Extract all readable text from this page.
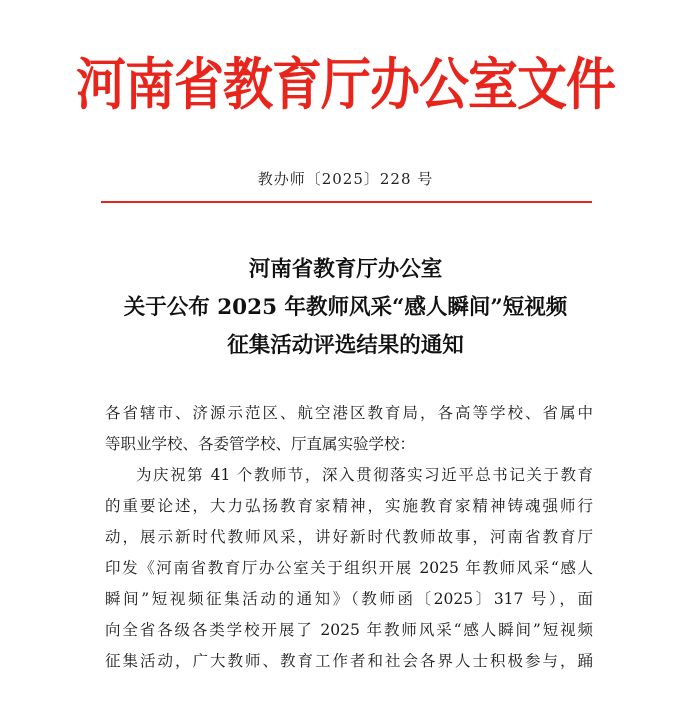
河南省教育厅办公室文件
教办师〔2025〕228 号
河南省教育厅办公室
关于公布 2025 年教师风采“感人瞬间”短视频
征集活动评选结果的通知

各省辖市、济源示范区、航空港区教育局，各高等学校、省属中
等职业学校、各委管学校、厅直属实验学校：

为庆祝第 41 个教师节，深入贯彻落实习近平总书记关于教育
的重要论述，大力弘扬教育家精神，实施教育家精神铸魂强师行
动，展示新时代教师风采，讲好新时代教师故事，河南省教育厅
印发《河南省教育厅办公室关于组织开展 2025 年教师风采“感人
瞬间”短视频征集活动的通知》（教师函〔2025〕317 号），面
向全省各级各类学校开展了 2025 年教师风采“感人瞬间”短视频
征集活动，广大教师、教育工作者和社会各界人士积极参与，踊
